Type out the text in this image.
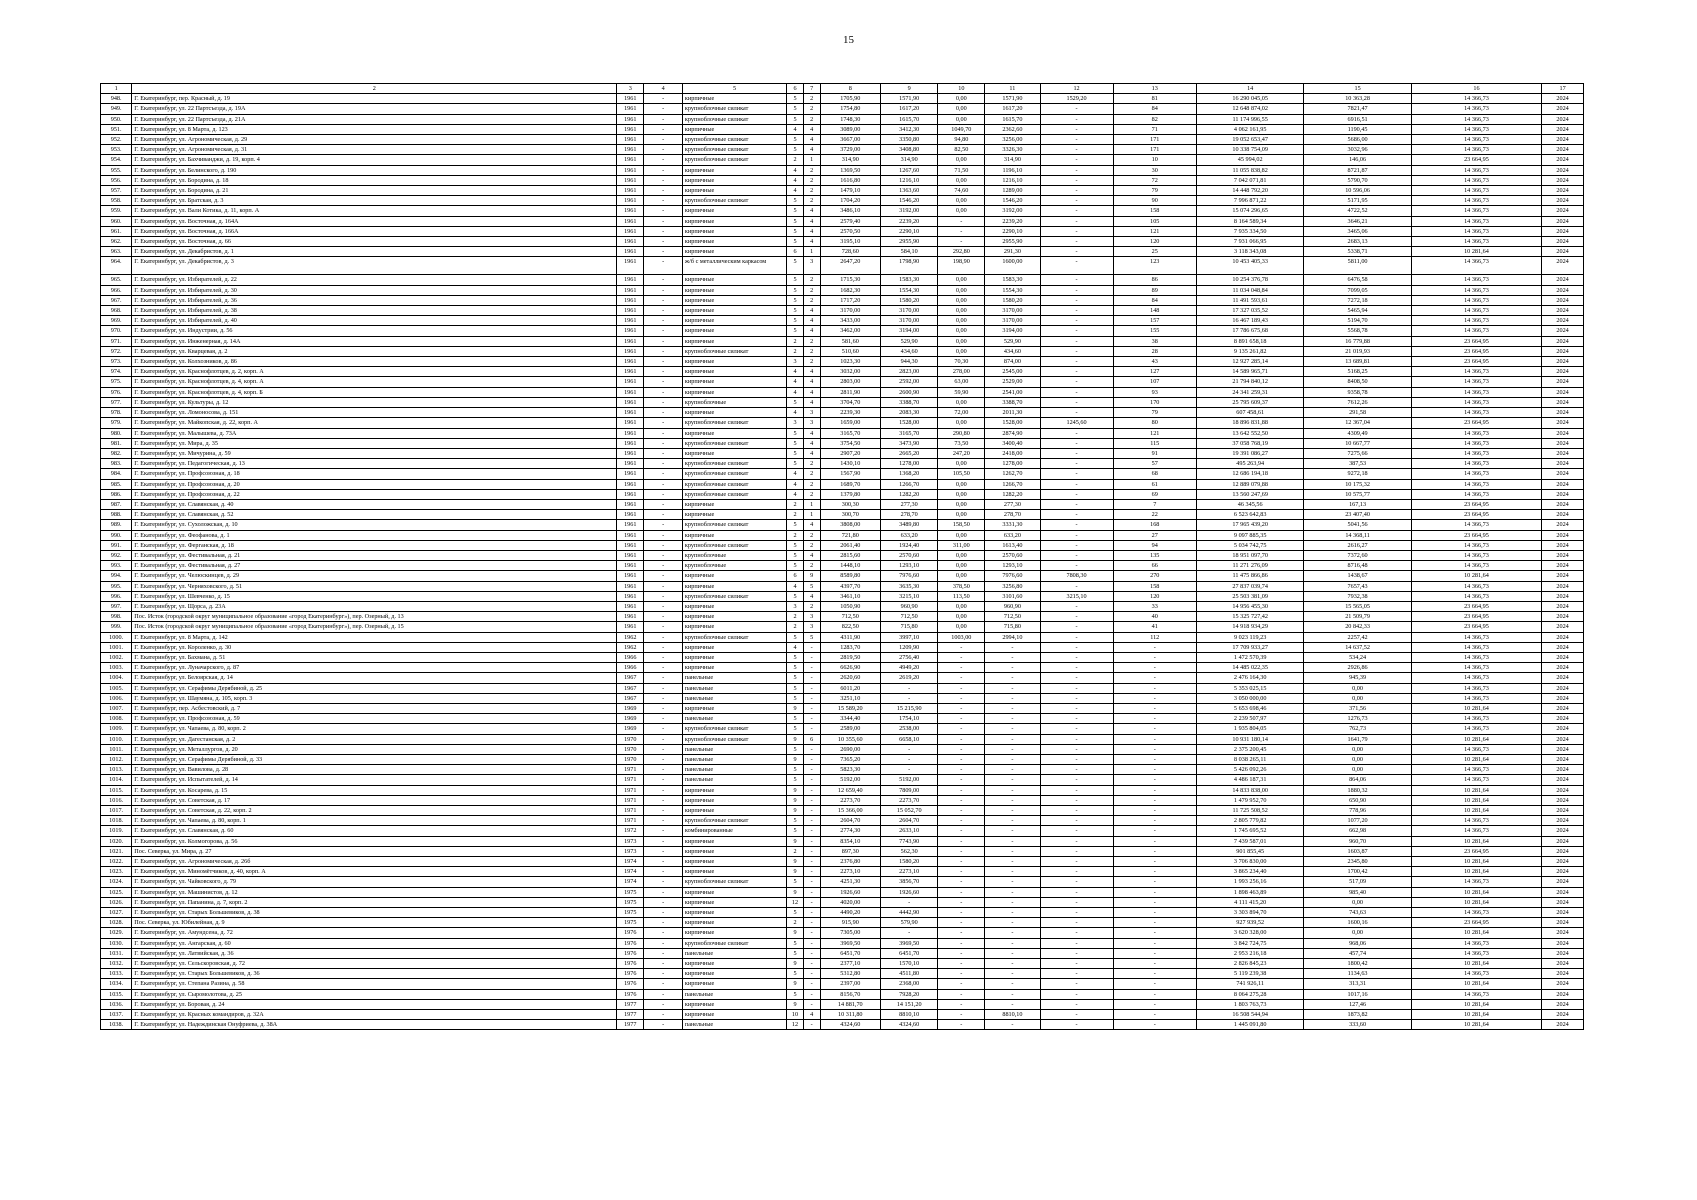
15
1	2	3	4	5	6	7	8	9	10	11	12	13	14	15	16	17
948.	Г. Екатеринбург, пер. Красный, д. 19	1961	-	кирпичные	5	2	1705,90	1571,90	0,00	1571,90	1529,20	81	16 290 045,05	10 363,28	14 366,73	2024
949.	Г. Екатеринбург, ул. 22 Партсъезда, д. 19А	1961	-	крупноблочные силикат	5	2	1754,80	1617,20	0,00	1617,20	-	84	12 648 874,02	7821,47	14 366,73	2024
950.	Г. Екатеринбург, ул. 22 Партсъезда, д. 21А	1961	-	крупноблочные силикат	5	2	1748,30	1615,70	0,00	1615,70	-	82	11 174 996,55	6916,51	14 366,73	2024
951.	Г. Екатеринбург, ул. 8 Марта, д. 123	1961	-	кирпичные	4	4	3089,00	3412,30	1049,70	2362,60	-	71	4 062 161,95	1190,45	14 366,73	2024
952.	Г. Екатеринбург, ул. Агрономическая, д. 29	1961	-	крупноблочные силикат	5	4	3667,00	3350,80	94,80	3256,00	-	171	19 052 653,47	5686,00	14 366,73	2024
953.	Г. Екатеринбург, ул. Агрономическая, д. 31	1961	-	крупноблочные силикат	5	4	3729,00	3408,80	82,50	3326,30	-	171	10 338 754,09	3032,96	14 366,73	2024
954.	Г. Екатеринбург, ул. Бахчиванджи, д. 19, корп. 4	1961	-	крупноблочные силикат	2	1	314,90	314,90	0,00	314,90	-	10	45 994,02	146,06	23 664,95	2024
955.	Г. Екатеринбург, ул. Белинского, д. 190	1961	-	кирпичные	4	2	1369,50	1267,60	71,50	1196,10	-	30	11 055 838,82	8721,87	14 366,73	2024
956.	Г. Екатеринбург, ул. Бородина, д. 18	1961	-	кирпичные	4	2	1616,80	1216,10	0,00	1216,10	-	72	7 042 071,81	5790,70	14 366,73	2024
957.	Г. Екатеринбург, ул. Бородина, д. 21	1961	-	кирпичные	4	2	1479,10	1363,60	74,60	1289,00	-	79	14 448 792,20	10 596,06	14 366,73	2024
958.	Г. Екатеринбург, ул. Братская, д. 3	1961	-	крупноблочные силикат	5	2	1704,20	1546,20	0,00	1546,20	-	90	7 996 871,22	5171,95	14 366,73	2024
959.	Г. Екатеринбург, ул. Вали Котика, д. 11, корп. А	1961	-	кирпичные	5	4	3486,10	3192,00	0,00	3192,00	-	158	15 074 296,65	4722,52	14 366,73	2024
960.	Г. Екатеринбург, ул. Восточная, д. 164А	1961	-	кирпичные	5	4	2579,40	2239,20	-	2239,20	-	105	8 164 589,34	3646,21	14 366,73	2024
961.	Г. Екатеринбург, ул. Восточная, д. 166А	1961	-	кирпичные	5	4	2570,50	2290,10	-	2290,10	-	121	7 935 334,50	3465,06	14 366,73	2024
962.	Г. Екатеринбург, ул. Восточная, д. 66	1961	-	кирпичные	5	4	3195,10	2955,90	-	2955,90	-	120	7 931 066,95	2683,13	14 366,73	2024
963.	Г. Екатеринбург, ул. Декабристов, д. 1	1961	-	кирпичные	6	1	728,60	584,10	292,80	291,30	-	25	3 118 343,08	5338,71	10 281,64	2024
964.	Г. Екатеринбург, ул. Декабристов, д. 3	1961	-	ж/б с металлическим каркасом	5	3	2647,20	1798,90	198,90	1600,00	-	123	10 453 405,33	5811,00	14 366,73	2024
965.	Г. Екатеринбург, ул. Избирателей, д. 22	1961	-	кирпичные	5	2	1715,30	1583,30	0,00	1583,30	-	86	10 254 376,78	6476,58	14 366,73	2024
966.	Г. Екатеринбург, ул. Избирателей, д. 30	1961	-	кирпичные	5	2	1682,30	1554,30	0,00	1554,30	-	89	11 034 048,84	7099,05	14 366,73	2024
967.	Г. Екатеринбург, ул. Избирателей, д. 36	1961	-	кирпичные	5	2	1717,20	1580,20	0,00	1580,20	-	84	11 491 593,61	7272,18	14 366,73	2024
968.	Г. Екатеринбург, ул. Избирателей, д. 38	1961	-	кирпичные	5	4	3170,00	3170,00	0,00	3170,00	-	148	17 327 035,52	5465,94	14 366,73	2024
969.	Г. Екатеринбург, ул. Избирателей, д. 40	1961	-	кирпичные	5	4	3433,00	3170,00	0,00	3170,00	-	157	16 467 189,43	5194,70	14 366,73	2024
970.	Г. Екатеринбург, ул. Индустрии, д. 56	1961	-	кирпичные	5	4	3462,00	3194,00	0,00	3194,00	-	155	17 786 675,68	5568,78	14 366,73	2024
971.	Г. Екатеринбург, ул. Инженерная, д. 14А	1961	-	кирпичные	2	2	581,60	529,90	0,00	529,90	-	38	8 891 658,18	16 779,88	23 664,95	2024
972.	Г. Екатеринбург, ул. Кварцевая, д. 2	1961	-	крупноблочные силикат	2	2	510,60	434,60	0,00	434,60	-	28	9 135 261,82	21 019,93	23 664,95	2024
973.	Г. Екатеринбург, ул. Колхозников, д. 86	1961	-	кирпичные	3	2	1023,30	944,30	70,30	874,00	-	43	12 927 285,14	13 689,81	23 664,95	2024
974.	Г. Екатеринбург, ул. Краснофлотцев, д. 2, корп. А	1961	-	кирпичные	4	4	3032,00	2823,00	278,00	2545,00	-	127	14 589 965,71	5168,25	14 366,73	2024
975.	Г. Екатеринбург, ул. Краснофлотцев, д. 4, корп. А	1961	-	кирпичные	4	4	2803,00	2592,00	63,00	2529,00	-	107	21 794 840,12	8408,50	14 366,73	2024
976.	Г. Екатеринбург, ул. Краснофлотцев, д. 4, корп. Б	1961	-	кирпичные	4	4	2811,90	2600,90	59,90	2541,00	-	93	24 341 259,31	9358,78	14 366,73	2024
977.	Г. Екатеринбург, ул. Культуры, д. 12	1961	-	крупноблочные	5	4	3704,70	3388,70	0,00	3388,70	-	170	25 795 609,37	7612,26	14 366,73	2024
978.	Г. Екатеринбург, ул. Ломоносова, д. 151	1961	-	кирпичные	4	3	2239,30	2083,30	72,00	2011,30	-	79	607 458,61	291,58	14 366,73	2024
979.	Г. Екатеринбург, ул. Майкопская, д. 22, корп. А	1961	-	крупноблочные силикат	3	3	1659,00	1528,00	0,00	1528,00	1245,60	80	18 896 831,88	12 367,04	23 664,95	2024
980.	Г. Екатеринбург, ул. Малышева, д. 73А	1961	-	кирпичные	5	4	3165,70	3165,70	290,80	2874,90	-	121	13 642 552,50	4309,49	14 366,73	2024
981.	Г. Екатеринбург, ул. Мира, д. 35	1961	-	крупноблочные силикат	5	4	3754,50	3473,90	73,50	3400,40	-	115	37 058 768,19	10 667,77	14 366,73	2024
982.	Г. Екатеринбург, ул. Мичурина, д. 59	1961	-	кирпичные	5	4	2907,20	2665,20	247,20	2418,00	-	91	19 391 086,27	7275,66	14 366,73	2024
983.	Г. Екатеринбург, ул. Педагогическая, д. 13	1961	-	крупноблочные силикат	5	2	1430,10	1278,00	0,00	1278,00	-	57	495 263,94	387,53	14 366,73	2024
984.	Г. Екатеринбург, ул. Профсоюзная, д. 18	1961	-	крупноблочные силикат	4	2	1567,90	1368,20	105,50	1262,70	-	68	12 686 194,18	9272,18	14 366,73	2024
985.	Г. Екатеринбург, ул. Профсоюзная, д. 20	1961	-	крупноблочные силикат	4	2	1689,70	1266,70	0,00	1266,70	-	61	12 889 079,88	10 175,32	14 366,73	2024
986.	Г. Екатеринбург, ул. Профсоюзная, д. 22	1961	-	крупноблочные силикат	4	2	1379,80	1282,20	0,00	1282,20	-	69	13 560 247,69	10 575,77	14 366,73	2024
987.	Г. Екатеринбург, ул. Славянская, д. 40	1961	-	кирпичные	2	1	300,30	277,30	0,00	277,30	-	7	46 345,56	167,13	23 664,95	2024
988.	Г. Екатеринбург, ул. Славянская, д. 52	1961	-	кирпичные	2	1	300,70	278,70	0,00	278,70	-	22	6 523 642,83	23 407,40	23 664,95	2024
989.	Г. Екатеринбург, ул. Сухоложская, д. 10	1961	-	крупноблочные силикат	5	4	3808,00	3489,80	158,50	3331,30	-	168	17 965 439,20	5041,56	14 366,73	2024
990.	Г. Екатеринбург, ул. Феофанова, д. 1	1961	-	кирпичные	2	2	721,80	633,20	0,00	633,20	-	27	9 097 885,35	14 368,11	23 664,95	2024
991.	Г. Екатеринбург, ул. Ферганская, д. 18	1961	-	крупноблочные силикат	5	2	2061,40	1924,40	311,00	1613,40	-	94	5 034 742,75	2616,27	14 366,73	2024
992.	Г. Екатеринбург, ул. Фестивальная, д. 21	1961	-	крупноблочные	5	4	2815,60	2570,60	0,00	2570,60	-	135	18 951 097,70	7372,60	14 366,73	2024
993.	Г. Екатеринбург, ул. Фестивальная, д. 27	1961	-	крупноблочные	5	2	1448,10	1293,10	0,00	1293,10	-	66	11 271 276,09	8716,48	14 366,73	2024
994.	Г. Екатеринбург, ул. Челюскинцев, д. 29	1961	-	кирпичные	6	9	8589,80	7976,60	0,00	7976,60	7808,30	270	11 475 866,86	1438,67	10 281,64	2024
995.	Г. Екатеринбург, ул. Черняховского, д. 51	1961	-	кирпичные	4	5	4397,70	3635,30	378,50	3256,80	-	158	27 837 039,74	7657,43	14 366,73	2024
996.	Г. Екатеринбург, ул. Шевченко, д. 15	1961	-	крупноблочные силикат	5	4	3461,10	3215,10	113,50	3101,60	3215,10	120	25 503 381,09	7932,38	14 366,73	2024
997.	Г. Екатеринбург, ул. Щорса, д. 23А	1961	-	кирпичные	3	2	1050,90	960,90	0,00	960,90	-	33	14 956 455,30	15 565,05	23 664,95	2024
998.	Пос. Исток (городской округ муниципальное образование «город Екатеринбург»), пер. Озерный, д. 13	1961	-	кирпичные	2	3	712,50	712,50	0,00	712,50	-	40	15 325 727,42	21 509,79	23 664,95	2024
999.	Пос. Исток (городской округ муниципальное образование «город Екатеринбург»), пер. Озерный, д. 15	1961	-	кирпичные	2	3	822,50	715,80	0,00	715,80	-	41	14 918 934,29	20 842,33	23 664,95	2024
1000.	Г. Екатеринбург, ул. 8 Марта, д. 142	1962	-	крупноблочные силикат	5	5	4311,90	3997,10	1003,00	2994,10	-	112	9 023 119,23	2257,42	14 366,73	2024
1001.	Г. Екатеринбург, ул. Короленко, д. 30	1962	-	кирпичные	4	-	1283,70	1209,90	-	-	-	-	17 709 933,27	14 637,52	14 366,73	2024
1002.	Г. Екатеринбург, ул. Бахмана, д. 51	1966	-	кирпичные	5	-	2819,50	2756,40	-	-	-	-	1 472 570,39	534,24	14 366,73	2024
1003.	Г. Екатеринбург, ул. Луначарского, д. 87	1966	-	кирпичные	5	-	6626,90	4949,20	-	-	-	-	14 485 022,35	2926,86	14 366,73	2024
1004.	Г. Екатеринбург, ул. Белоярская, д. 14	1967	-	панельные	5	-	2620,60	2619,20	-	-	-	-	2 476 164,30	945,39	14 366,73	2024
1005.	Г. Екатеринбург, ул. Серафимы Дерябиной, д. 25	1967	-	панельные	5	-	6011,20	-	-	-	-	-	5 353 025,15	0,00	14 366,73	2024
1006.	Г. Екатеринбург, ул. Шаумяна, д. 105, корп. 3	1967	-	панельные	5	-	3251,10	-	-	-	-	-	3 050 000,00	0,00	14 366,73	2024
1007.	Г. Екатеринбург, пер. Асбестовский, д. 7	1969	-	кирпичные	9	-	15 589,20	15 215,90	-	-	-	-	5 653 698,46	371,56	10 281,64	2024
1008.	Г. Екатеринбург, ул. Профсоюзная, д. 59	1969	-	панельные	5	-	3344,40	1754,10	-	-	-	-	2 239 507,97	1276,73	14 366,73	2024
1009.	Г. Екатеринбург, ул. Чапаева, д. 80, корп. 2	1969	-	крупноблочные силикат	5	-	2589,00	2538,00	-	-	-	-	1 935 804,05	762,73	14 366,73	2024
1010.	Г. Екатеринбург, ул. Дагестанская, д. 2	1970	-	крупноблочные силикат	9	6	10 355,60	6658,10	-	-	-	-	10 931 180,14	1641,79	10 281,64	2024
1011.	Г. Екатеринбург, ул. Металлургов, д. 20	1970	-	панельные	5	-	2690,00	-	-	-	-	-	2 375 200,45	0,00	14 366,73	2024
1012.	Г. Екатеринбург, ул. Серафимы Дерябиной, д. 33	1970	-	панельные	9	-	7365,20	-	-	-	-	-	8 038 265,11	0,00	10 281,64	2024
1013.	Г. Екатеринбург, ул. Вавилова, д. 28	1971	-	панельные	5	-	5823,30	-	-	-	-	-	5 426 092,26	0,00	14 366,73	2024
1014.	Г. Екатеринбург, ул. Испытателей, д. 14	1971	-	панельные	5	-	5192,00	5192,00	-	-	-	-	4 486 187,31	864,06	14 366,73	2024
1015.	Г. Екатеринбург, ул. Косарева, д. 15	1971	-	кирпичные	9	-	12 659,40	7809,00	-	-	-	-	14 833 838,00	1880,32	10 281,64	2024
1016.	Г. Екатеринбург, ул. Советская, д. 17	1971	-	кирпичные	9	-	2273,70	2273,70	-	-	-	-	1 479 952,70	650,90	10 281,64	2024
1017.	Г. Екатеринбург, ул. Советская, д. 22, корп. 2	1971	-	кирпичные	9	-	15 366,00	15 052,70	-	-	-	-	11 725 508,52	778,96	10 281,64	2024
1018.	Г. Екатеринбург, ул. Чапаева, д. 80, корп. 1	1971	-	крупноблочные силикат	5	-	2604,70	2604,70	-	-	-	-	2 805 779,82	1077,20	14 366,73	2024
1019.	Г. Екатеринбург, ул. Славянская, д. 60	1972	-	комбинированные	5	-	2774,30	2633,10	-	-	-	-	1 745 695,52	662,98	14 366,73	2024
1020.	Г. Екатеринбург, ул. Колмогорова, д. 56	1973	-	кирпичные	9	-	8354,10	7743,90	-	-	-	-	7 439 587,01	960,70	10 281,64	2024
1021.	Пос. Северка, ул. Мира, д. 27	1973	-	кирпичные	2	-	897,30	562,30	-	-	-	-	901 855,45	1603,87	23 664,95	2024
1022.	Г. Екатеринбург, ул. Агрономическая, д. 26б	1974	-	кирпичные	9	-	2376,80	1580,20	-	-	-	-	3 706 830,00	2345,80	10 281,64	2024
1023.	Г. Екатеринбург, ул. Миномётчиков, д. 40, корп. А	1974	-	кирпичные	9	-	2273,10	2273,10	-	-	-	-	3 865 234,40	1700,42	10 281,64	2024
1024.	Г. Екатеринбург, ул. Чайковского, д. 79	1974	-	крупноблочные силикат	5	-	4251,30	3856,70	-	-	-	-	1 993 256,16	517,09	14 366,73	2024
1025.	Г. Екатеринбург, ул. Машинистов, д. 12	1975	-	кирпичные	9	-	1926,60	1926,60	-	-	-	-	1 898 463,89	985,40	10 281,64	2024
1026.	Г. Екатеринбург, ул. Папанина, д. 7, корп. 2	1975	-	кирпичные	12	-	4020,00	-	-	-	-	-	4 111 415,20	0,00	10 281,64	2024
1027.	Г. Екатеринбург, ул. Старых Большевиков, д. 38	1975	-	кирпичные	5	-	4490,20	4442,90	-	-	-	-	3 303 894,70	743,63	14 366,73	2024
1028.	Пос. Северка, ул. Юбилейная, д. 9	1975	-	кирпичные	2	-	915,90	579,90	-	-	-	-	927 939,52	1600,16	23 664,95	2024
1029.	Г. Екатеринбург, ул. Амундсена, д. 72	1976	-	кирпичные	9	-	7305,00	-	-	-	-	-	3 620 328,00	0,00	10 281,64	2024
1030.	Г. Екатеринбург, ул. Ангарская, д. 60	1976	-	крупноблочные силикат	5	-	3969,50	3969,50	-	-	-	-	3 842 724,75	968,06	14 366,73	2024
1031.	Г. Екатеринбург, ул. Латвийская, д. 36	1976	-	панельные	5	-	6451,70	6451,70	-	-	-	-	2 953 216,18	457,74	14 366,73	2024
1032.	Г. Екатеринбург, ул. Сельскоровская, д. 72	1976	-	кирпичные	9	-	2377,10	1570,10	-	-	-	-	2 826 845,23	1800,42	10 281,64	2024
1033.	Г. Екатеринбург, ул. Старых Большевиков, д. 36	1976	-	кирпичные	5	-	5312,80	4511,80	-	-	-	-	5 119 239,38	1134,63	14 366,73	2024
1034.	Г. Екатеринбург, ул. Степана Разина, д. 58	1976	-	кирпичные	9	-	2397,00	2368,00	-	-	-	-	741 926,11	313,31	10 281,64	2024
1035.	Г. Екатеринбург, ул. Сыромолотова, д. 25	1976	-	панельные	5	-	8156,70	7928,20	-	-	-	-	8 064 275,28	1017,16	14 366,73	2024
1036.	Г. Екатеринбург, ул. Боровая, д. 24	1977	-	кирпичные	9	-	14 881,70	14 151,20	-	-	-	-	1 803 763,73	127,46	10 281,64	2024
1037.	Г. Екатеринбург, ул. Красных командиров, д. 32А	1977	-	кирпичные	10	4	10 311,80	8810,10	-	8810,10	-	-	16 508 544,94	1873,82	10 281,64	2024
1038.	Г. Екатеринбург, ул. Надеждинская Онуфриева, д. 38А	1977	-	панельные	12	-	4324,60	4324,60	-	-	-	-	1 445 091,80	333,60	10 281,64	2024
